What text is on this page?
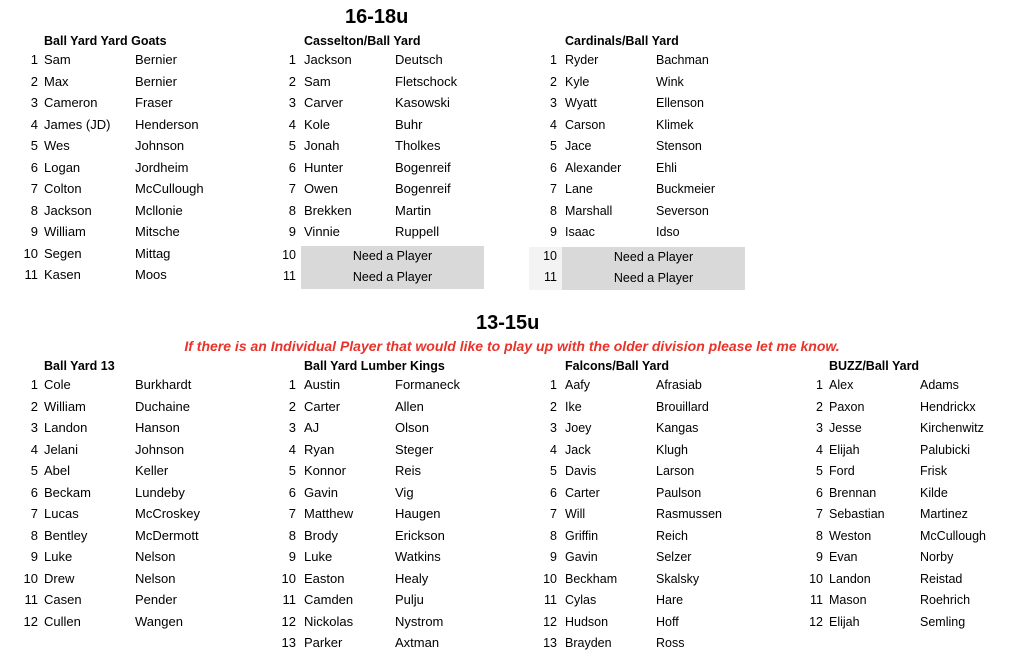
16-18u
13-15u
If there is an Individual Player that would like to play up with the older division please let me know.
Ball Yard Yard Goats
1 Sam	Bernier
2 Max	Bernier
3 Cameron	Fraser
4 James (JD) Henderson
5 Wes	Johnson
6 Logan	Jordheim
7 Colton	McCullough
8 Jackson	Mcllonie
9 William	Mitsche
10 Segen	Mittag
11 Kasen	Moos
Casselton/Ball Yard
1 Jackson	Deutsch
2 Sam	Fletschock
3 Carver	Kasowski
4 Kole	Buhr
5 Jonah	Tholkes
6 Hunter	Bogenreif
7 Owen	Bogenreif
8 Brekken	Martin
9 Vinnie	Ruppell
10	Need a Player
11	Need a Player
Cardinals/Ball Yard
1 Ryder	Bachman
2 Kyle	Wink
3 Wyatt	Ellenson
4 Carson	Klimek
5 Jace	Stenson
6 Alexander	Ehli
7 Lane	Buckmeier
8 Marshall	Severson
9 Isaac	Idso
10	Need a Player
11	Need a Player
Ball Yard 13
1 Cole	Burkhardt
2 William	Duchaine
3 Landon	Hanson
4 Jelani	Johnson
5 Abel	Keller
6 Beckam	Lundeby
7 Lucas	McCroskey
8 Bentley	McDermott
9 Luke	Nelson
10 Drew	Nelson
11 Casen	Pender
12 Cullen	Wangen
Ball Yard Lumber Kings
1 Austin	Formaneck
2 Carter	Allen
3 AJ	Olson
4 Ryan	Steger
5 Konnor	Reis
6 Gavin	Vig
7 Matthew	Haugen
8 Brody	Erickson
9 Luke	Watkins
10 Easton	Healy
11 Camden	Pulju
12 Nickolas	Nystrom
13 Parker	Axtman
Falcons/Ball Yard
1 Aafy	Afrasiab
2 Ike	Brouillard
3 Joey	Kangas
4 Jack	Klugh
5 Davis	Larson
6 Carter	Paulson
7 Will	Rasmussen
8 Griffin	Reich
9 Gavin	Selzer
10 Beckham	Skalsky
11 Cylas	Hare
12 Hudson	Hoff
13 Brayden	Ross
BUZZ/Ball Yard
1 Alex	Adams
2 Paxon	Hendrickx
3 Jesse	Kirchenwitz
4 Elijah	Palubicki
5 Ford	Frisk
6 Brennan	Kilde
7 Sebastian	Martinez
8 Weston	McCullough
9 Evan	Norby
10 Landon	Reistad
11 Mason	Roehrich
12 Elijah	Semling
